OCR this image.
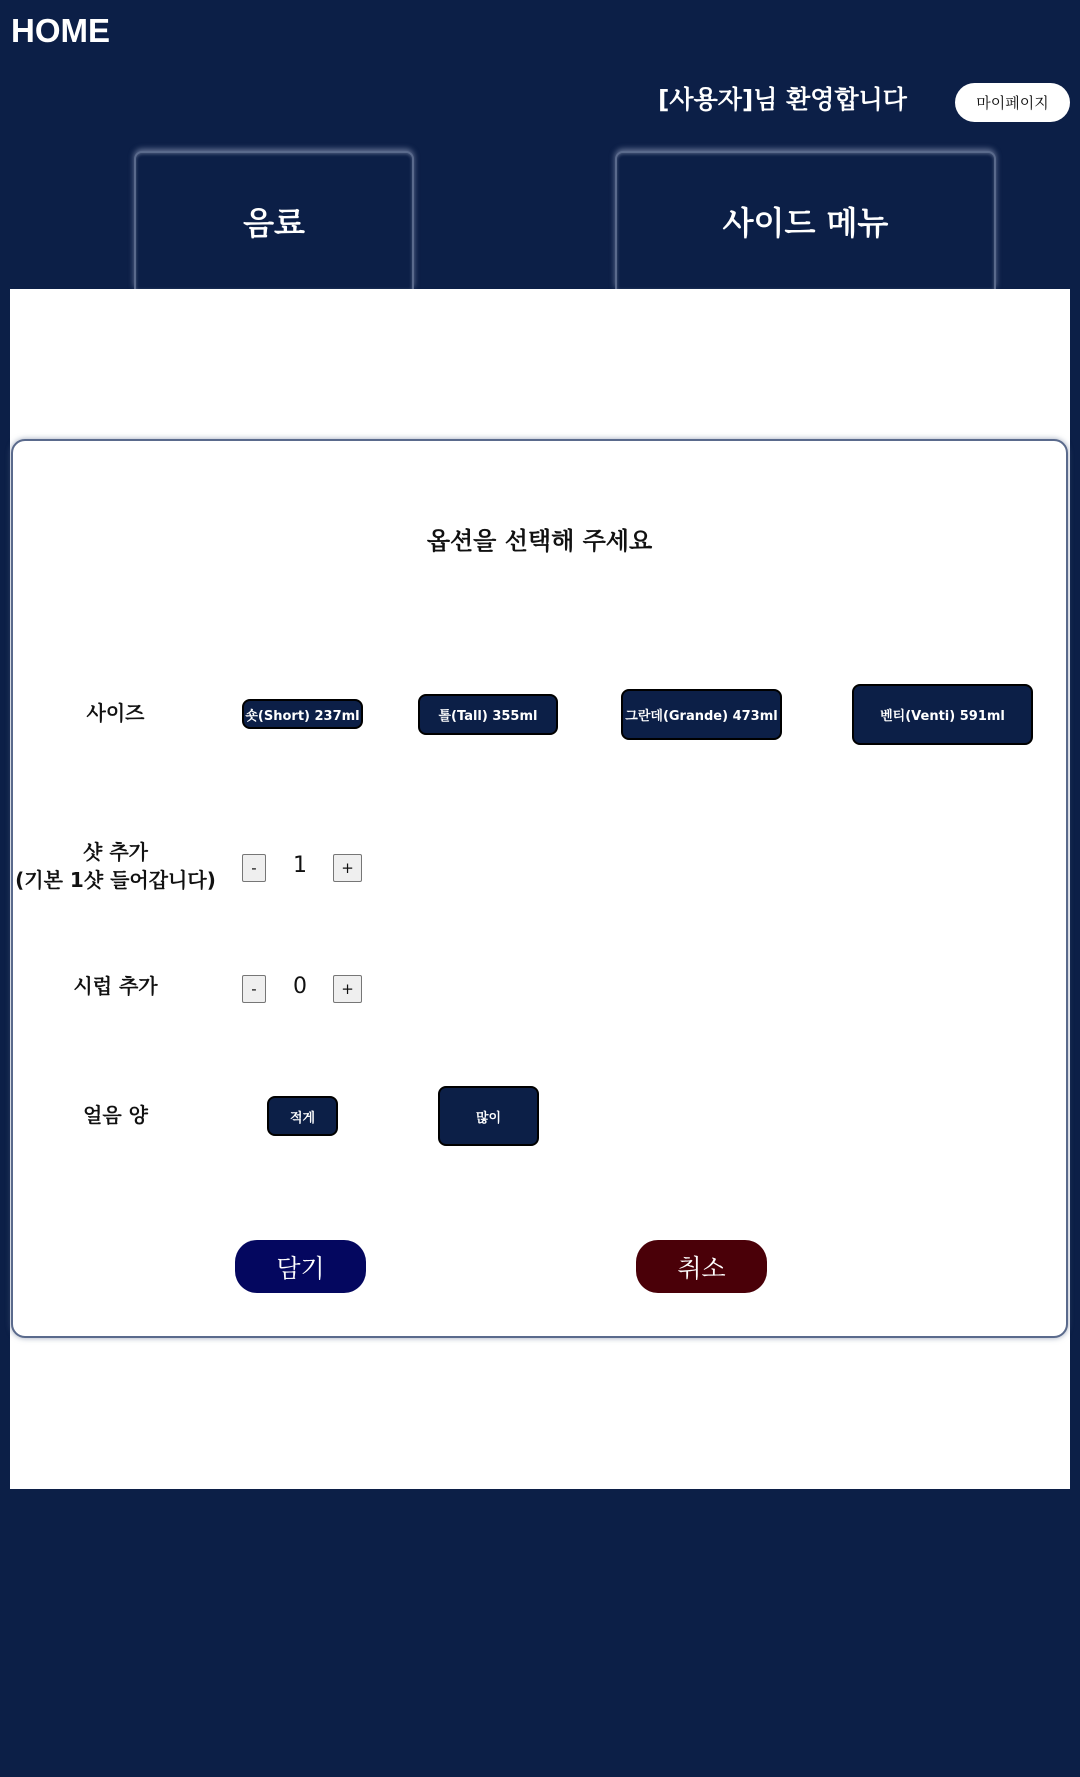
HOME
[사용자]님 환영합니다	마이페이지
음료	사이드 메뉴
옵션을 선택해 주세요
사이즈	숏(Short) 237ml	톨(Tall) 355ml	그란데(Grande) 473ml	벤티(Venti) 591ml
샷 추가
(기본 1샷 들어갑니다)	-	1	+
시럽 추가	-	0	+
얼음 양	적게	많이
담기	취소
